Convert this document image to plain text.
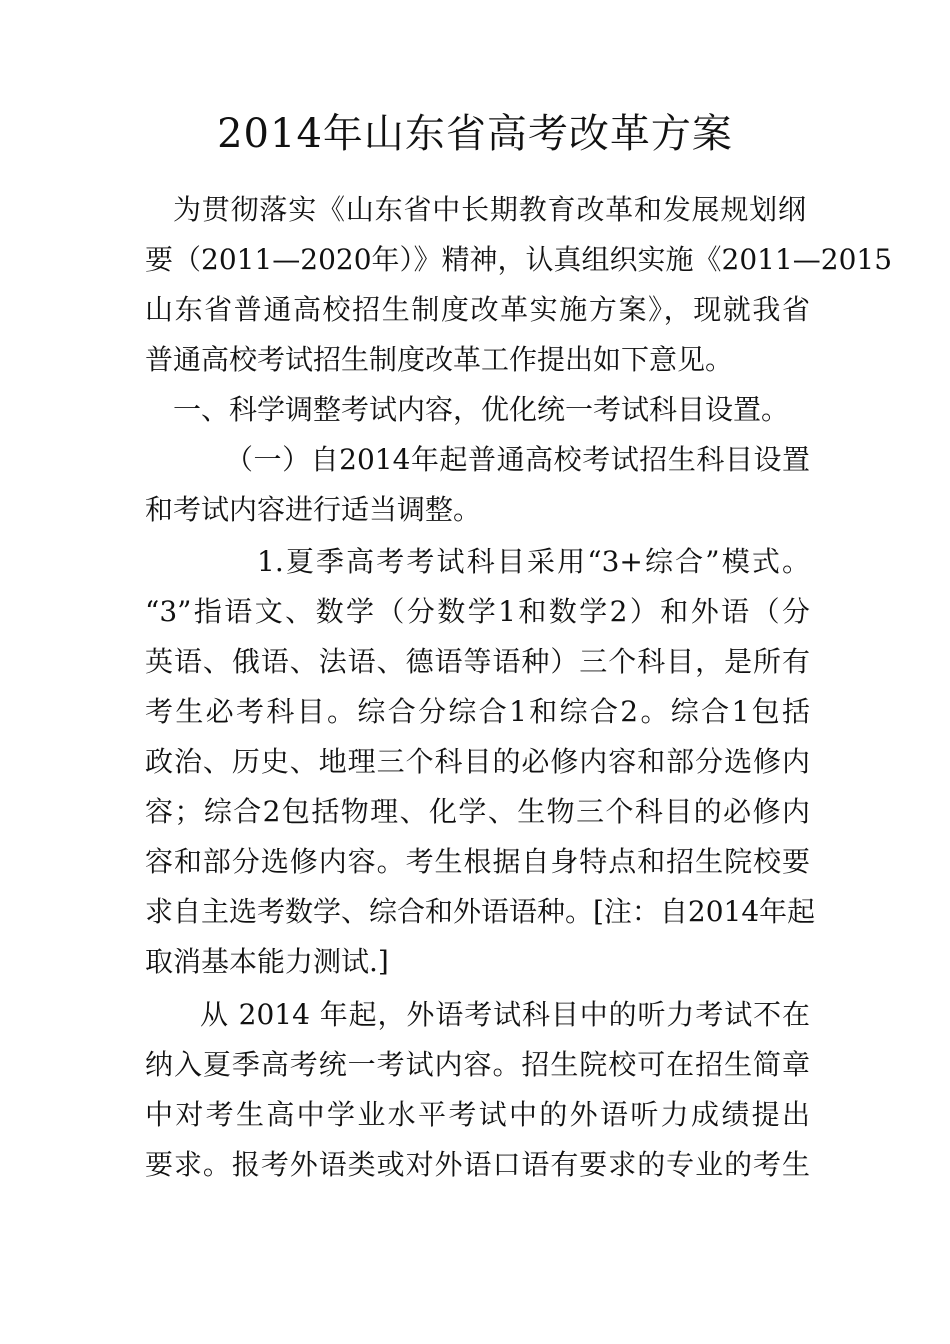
2014年山东省高考改革方案
为贯彻落实《山东省中长期教育改革和发展规划纲
要（2011—2020年）》精神，认真组织实施《2011—2015
山东省普通高校招生制度改革实施方案》，现就我省
普通高校考试招生制度改革工作提出如下意见。
一、科学调整考试内容，优化统一考试科目设置。
（一）自2014年起普通高校考试招生科目设置
和考试内容进行适当调整。
1.夏季高考考试科目采用“3+综合”模式。
“3”指语文、数学（分数学1和数学2）和外语（分
英语、俄语、法语、德语等语种）三个科目，是所有
考生必考科目。综合分综合1和综合2。综合1包括
政治、历史、地理三个科目的必修内容和部分选修内
容；综合2包括物理、化学、生物三个科目的必修内
容和部分选修内容。考生根据自身特点和招生院校要
求自主选考数学、综合和外语语种。[注：自2014年起
取消基本能力测试.]
从 2014 年起，外语考试科目中的听力考试不在
纳入夏季高考统一考试内容。招生院校可在招生简章
中对考生高中学业水平考试中的外语听力成绩提出
要求。报考外语类或对外语口语有要求的专业的考生
